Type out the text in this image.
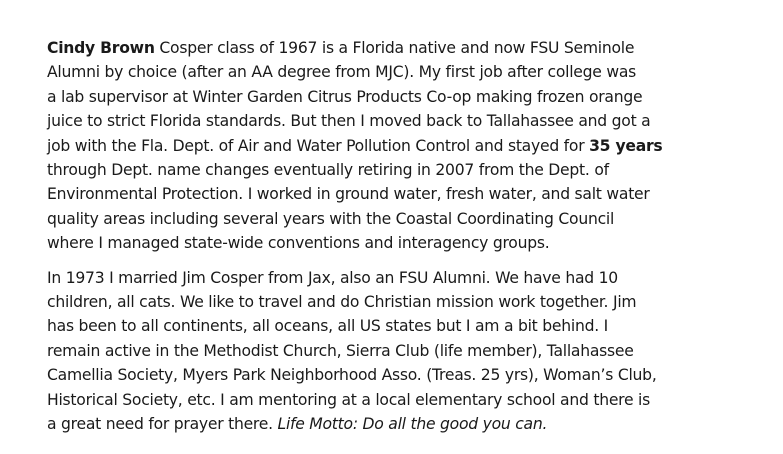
Cindy Brown Cosper class of 1967 is a Florida native and now FSU Seminole
Alumni by choice (after an AA degree from MJC). My first job after college was
a lab supervisor at Winter Garden Citrus Products Co-op making frozen orange
juice to strict Florida standards. But then I moved back to Tallahassee and got a
job with the Fla. Dept. of Air and Water Pollution Control and stayed for 35 years
through Dept. name changes eventually retiring in 2007 from the Dept. of
Environmental Protection. I worked in ground water, fresh water, and salt water
quality areas including several years with the Coastal Coordinating Council
where I managed state-wide conventions and interagency groups.
In 1973 I married Jim Cosper from Jax, also an FSU Alumni. We have had 10
children, all cats. We like to travel and do Christian mission work together. Jim
has been to all continents, all oceans, all US states but I am a bit behind. I
remain active in the Methodist Church, Sierra Club (life member), Tallahassee
Camellia Society, Myers Park Neighborhood Asso. (Treas. 25 yrs), Woman’s Club,
Historical Society, etc. I am mentoring at a local elementary school and there is
a great need for prayer there. Life Motto: Do all the good you can.
